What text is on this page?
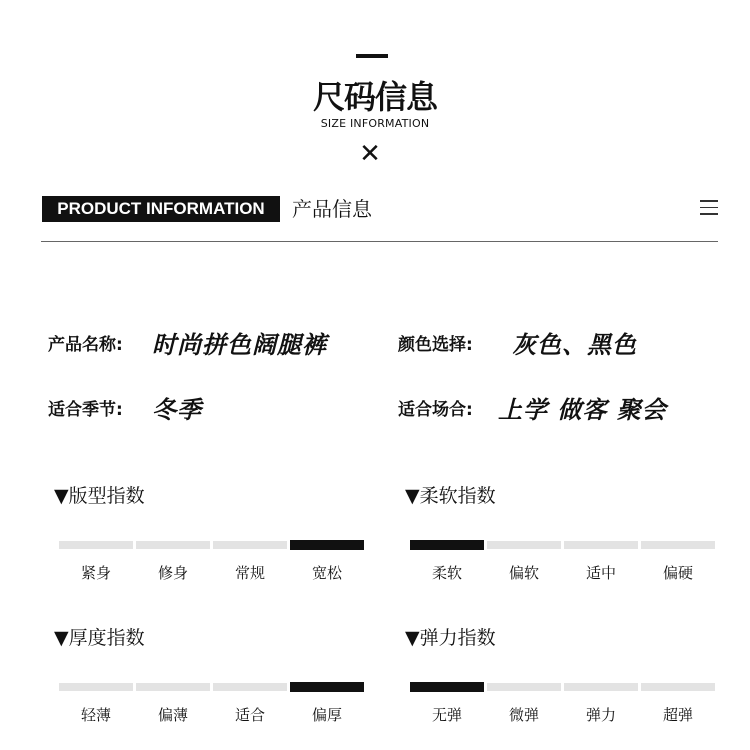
尺码信息
SIZE INFORMATION
✕
PRODUCT INFORMATION	产品信息
产品名称: 时尚拼色阔腿裤	颜色选择: 灰色、黑色
适合季节: 冬季	适合场合: 上学 做客 聚会
▼版型指数	▼柔软指数
▼厚度指数	▼弹力指数
紧身	修身	常规	宽松	柔软	偏软	适中	偏硬
轻薄	偏薄	适合	偏厚	无弹	微弹	弹力	超弹
